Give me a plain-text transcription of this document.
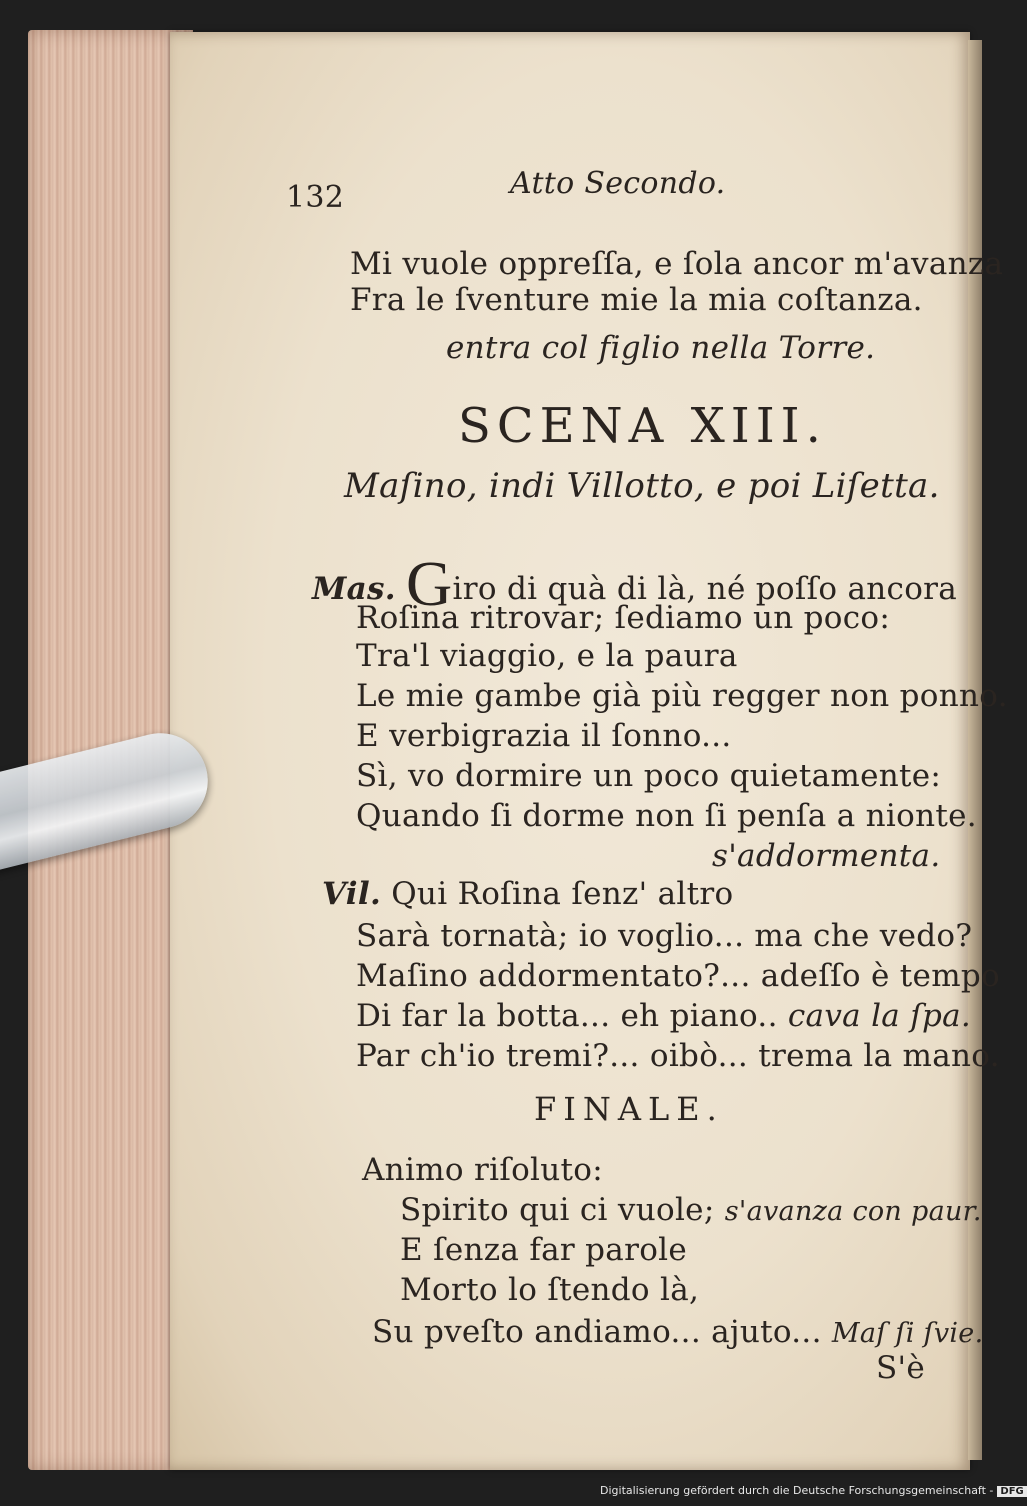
132	Atto Secondo.
Mi vuole oppreſſa, e ſola ancor m'avanza
Fra le ſventure mie la mia coſtanza.
entra col figlio nella Torre.
SCENA XIII.
Maſino, indi Villotto, e poi Liſetta.
Mas. Giro di quà di là, né poſſo ancora
Roſina ritrovar; ſediamo un poco:
Tra'l viaggio, e la paura
Le mie gambe già più regger non ponno.
E verbigrazia il ſonno...
Sì, vo dormire un poco quietamente:
Quando ſi dorme non ſi penſa a nionte.
s'addormenta.
Vil. Qui Roſina ſenz' altro
Sarà tornatà; io voglio... ma che vedo?
Maſino addormentato?... adeſſo è tempo
Di far la botta... eh piano.. cava la ſpa.
Par ch'io tremi?... oibò... trema la mano.
FINALE.
Animo riſoluto:
Spirito qui ci vuole; s'avanza con paur.
E ſenza far parole
Morto lo ſtendo là,
Su pveſto andiamo... ajuto... Maſ ſi ſvie.
S'è
Digitalisierung gefördert durch die Deutsche Forschungsgemeinschaft - DFG
